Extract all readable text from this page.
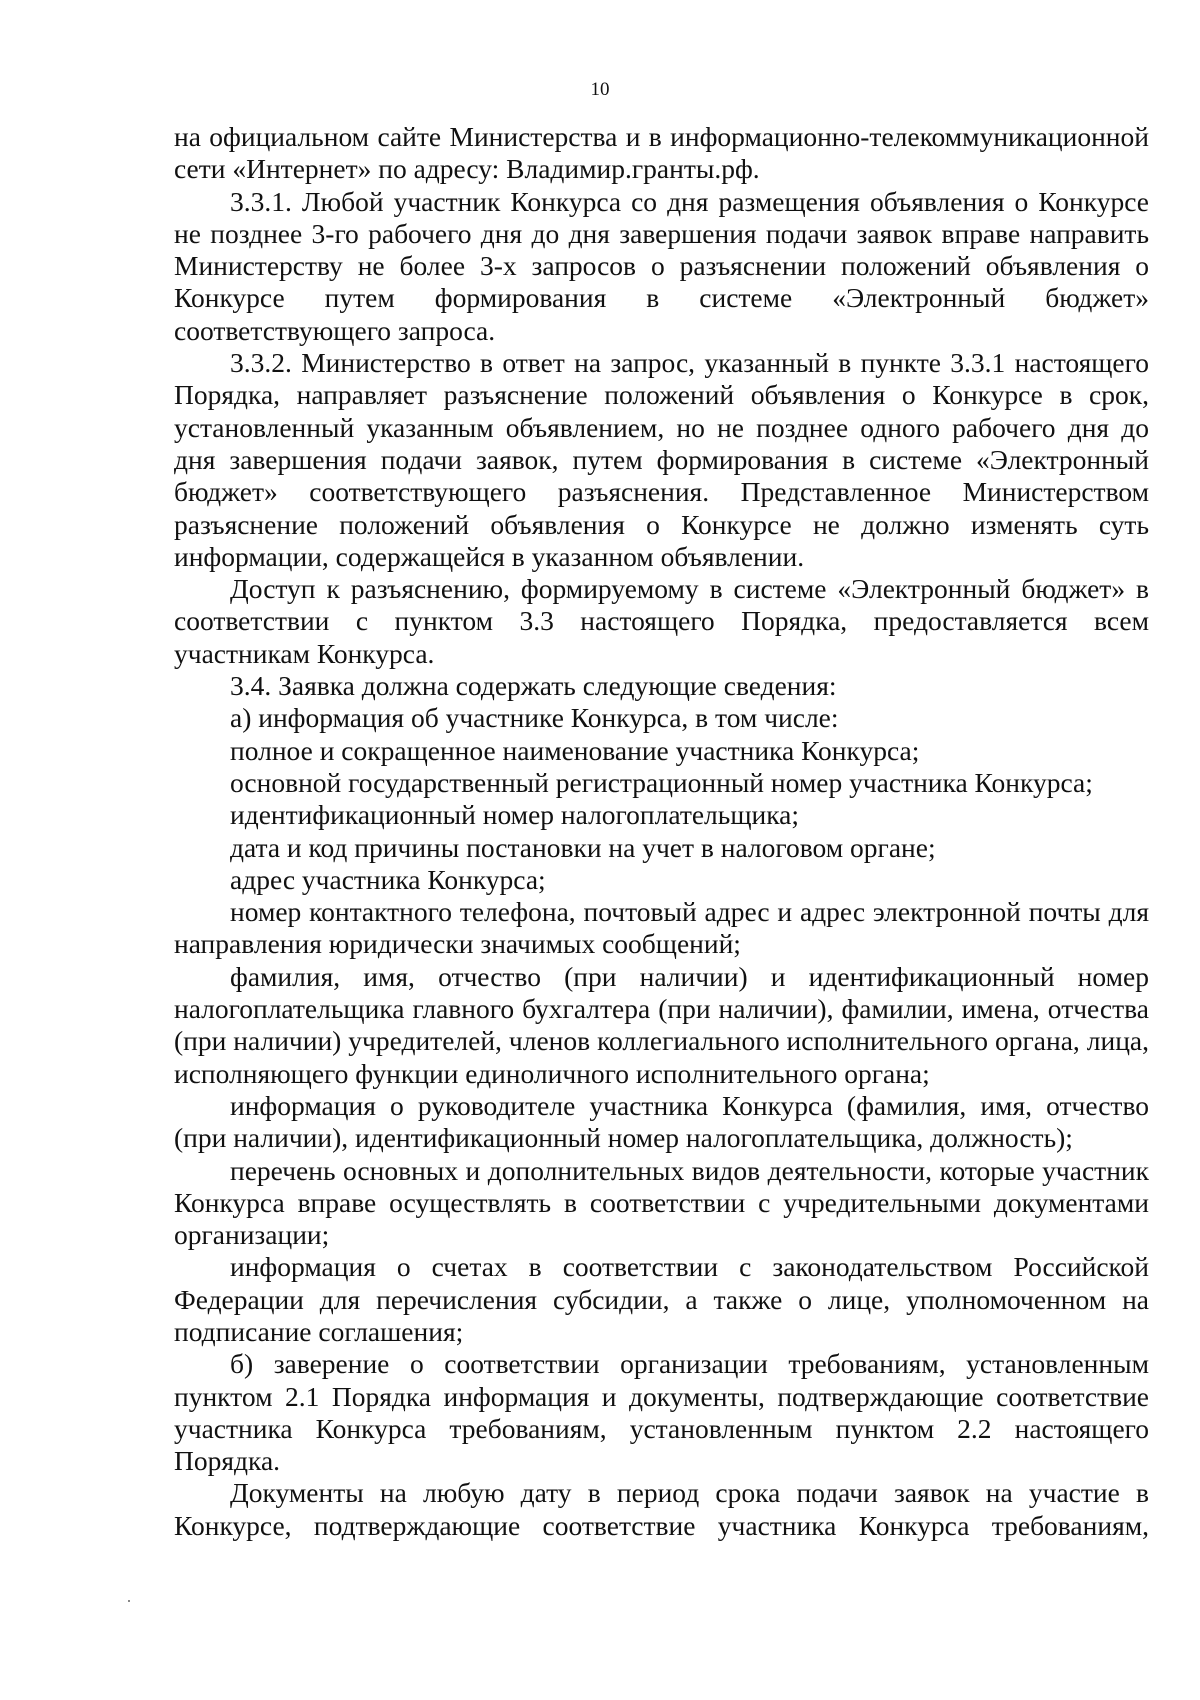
10

на официальном сайте Министерства и в информационно-телекоммуникационной сети «Интернет» по адресу: Владимир.гранты.рф.

3.3.1. Любой участник Конкурса со дня размещения объявления о Конкурсе не позднее 3-го рабочего дня до дня завершения подачи заявок вправе направить Министерству не более 3-х запросов о разъяснении положений объявления о Конкурсе путем формирования в системе «Электронный бюджет» соответствующего запроса.

3.3.2. Министерство в ответ на запрос, указанный в пункте 3.3.1 настоящего Порядка, направляет разъяснение положений объявления о Конкурсе в срок, установленный указанным объявлением, но не позднее одного рабочего дня до дня завершения подачи заявок, путем формирования в системе «Электронный бюджет» соответствующего разъяснения. Представленное Министерством разъяснение положений объявления о Конкурсе не должно изменять суть информации, содержащейся в указанном объявлении.

Доступ к разъяснению, формируемому в системе «Электронный бюджет» в соответствии с пунктом 3.3 настоящего Порядка, предоставляется всем участникам Конкурса.

3.4. Заявка должна содержать следующие сведения:

а) информация об участнике Конкурса, в том числе:

полное и сокращенное наименование участника Конкурса;

основной государственный регистрационный номер участника Конкурса;

идентификационный номер налогоплательщика;

дата и код причины постановки на учет в налоговом органе;

адрес участника Конкурса;

номер контактного телефона, почтовый адрес и адрес электронной почты для направления юридически значимых сообщений;

фамилия, имя, отчество (при наличии) и идентификационный номер налогоплательщика главного бухгалтера (при наличии), фамилии, имена, отчества (при наличии) учредителей, членов коллегиального исполнительного органа, лица, исполняющего функции единоличного исполнительного органа;

информация о руководителе участника Конкурса (фамилия, имя, отчество (при наличии), идентификационный номер налогоплательщика, должность);

перечень основных и дополнительных видов деятельности, которые участник Конкурса вправе осуществлять в соответствии с учредительными документами организации;

информация о счетах в соответствии с законодательством Российской Федерации для перечисления субсидии, а также о лице, уполномоченном на подписание соглашения;

б) заверение о соответствии организации требованиям, установленным пунктом 2.1 Порядка информация и документы, подтверждающие соответствие участника Конкурса требованиям, установленным пунктом 2.2 настоящего Порядка.

Документы на любую дату в период срока подачи заявок на участие в Конкурсе, подтверждающие соответствие участника Конкурса требованиям,
